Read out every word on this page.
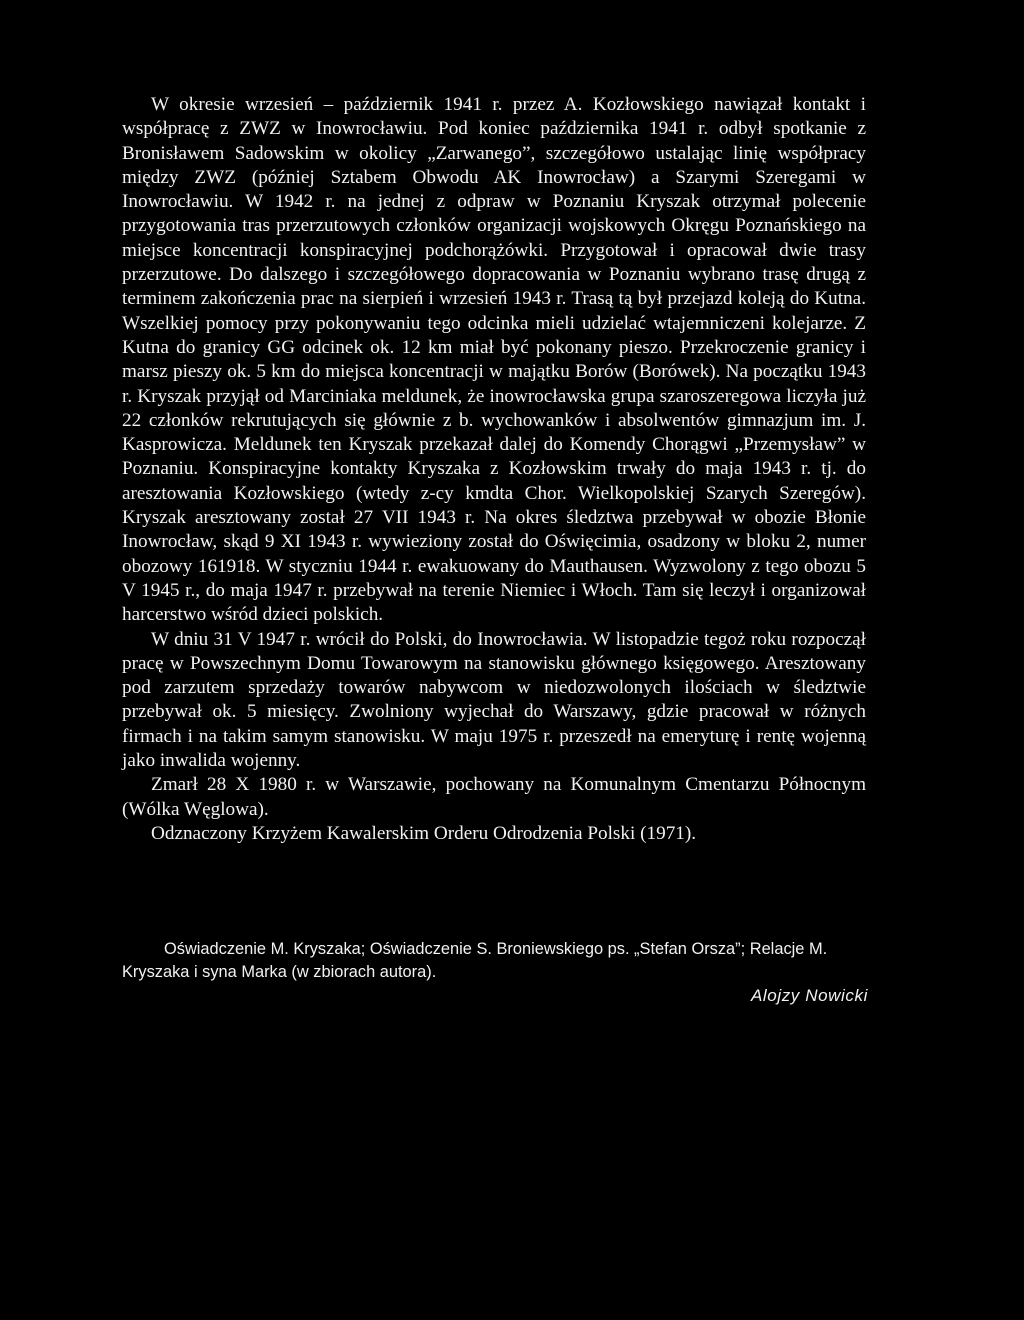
W okresie wrzesień – październik 1941 r. przez A. Kozłowskiego nawiązał kontakt i współpracę z ZWZ w Inowrocławiu. Pod koniec października 1941 r. odbył spotkanie z Bronisławem Sadowskim w okolicy „Zarwanego”, szczegółowo ustalając linię współpracy między ZWZ (później Sztabem Obwodu AK Inowrocław) a Szarymi Szeregami w Inowrocławiu. W 1942 r. na jednej z odpraw w Poznaniu Kryszak otrzymał polecenie przygotowania tras przerzutowych członków organizacji wojskowych Okręgu Poznańskiego na miejsce koncentracji konspiracyjnej podchorążówki. Przygotował i opracował dwie trasy przerzutowe. Do dalszego i szczegółowego dopracowania w Poznaniu wybrano trasę drugą z terminem zakończenia prac na sierpień i wrzesień 1943 r. Trasą tą był przejazd koleją do Kutna. Wszelkiej pomocy przy pokonywaniu tego odcinka mieli udzielać wtajemniczeni kolejarze. Z Kutna do granicy GG odcinek ok. 12 km miał być pokonany pieszo. Przekroczenie granicy i marsz pieszy ok. 5 km do miejsca koncentracji w majątku Borów (Borówek). Na początku 1943 r. Kryszak przyjął od Marciniaka meldunek, że inowrocławska grupa szaroszeregowa liczyła już 22 członków rekrutujących się głównie z b. wychowanków i absolwentów gimnazjum im. J. Kasprowicza. Meldunek ten Kryszak przekazał dalej do Komendy Chorągwi „Przemysław” w Poznaniu. Konspiracyjne kontakty Kryszaka z Kozłowskim trwały do maja 1943 r. tj. do aresztowania Kozłowskiego (wtedy z-cy kmdta Chor. Wielkopolskiej Szarych Szeregów). Kryszak aresztowany został 27 VII 1943 r. Na okres śledztwa przebywał w obozie Błonie Inowrocław, skąd 9 XI 1943 r. wywieziony został do Oświęcimia, osadzony w bloku 2, numer obozowy 161918. W styczniu 1944 r. ewakuowany do Mauthausen. Wyzwolony z tego obozu 5 V 1945 r., do maja 1947 r. przebywał na terenie Niemiec i Włoch. Tam się leczył i organizował harcerstwo wśród dzieci polskich.

W dniu 31 V 1947 r. wrócił do Polski, do Inowrocławia. W listopadzie tegoż roku rozpoczął pracę w Powszechnym Domu Towarowym na stanowisku głównego księgowego. Aresztowany pod zarzutem sprzedaży towarów nabywcom w niedozwolonych ilościach w śledztwie przebywał ok. 5 miesięcy. Zwolniony wyjechał do Warszawy, gdzie pracował w różnych firmach i na takim samym stanowisku. W maju 1975 r. przeszedł na emeryturę i rentę wojenną jako inwalida wojenny.

Zmarł 28 X 1980 r. w Warszawie, pochowany na Komunalnym Cmentarzu Północnym (Wólka Węglowa).

Odznaczony Krzyżem Kawalerskim Orderu Odrodzenia Polski (1971).

Oświadczenie M. Kryszaka; Oświadczenie S. Broniewskiego ps. „Stefan Orsza”; Relacje M. Kryszaka i syna Marka (w zbiorach autora).

Alojzy Nowicki
